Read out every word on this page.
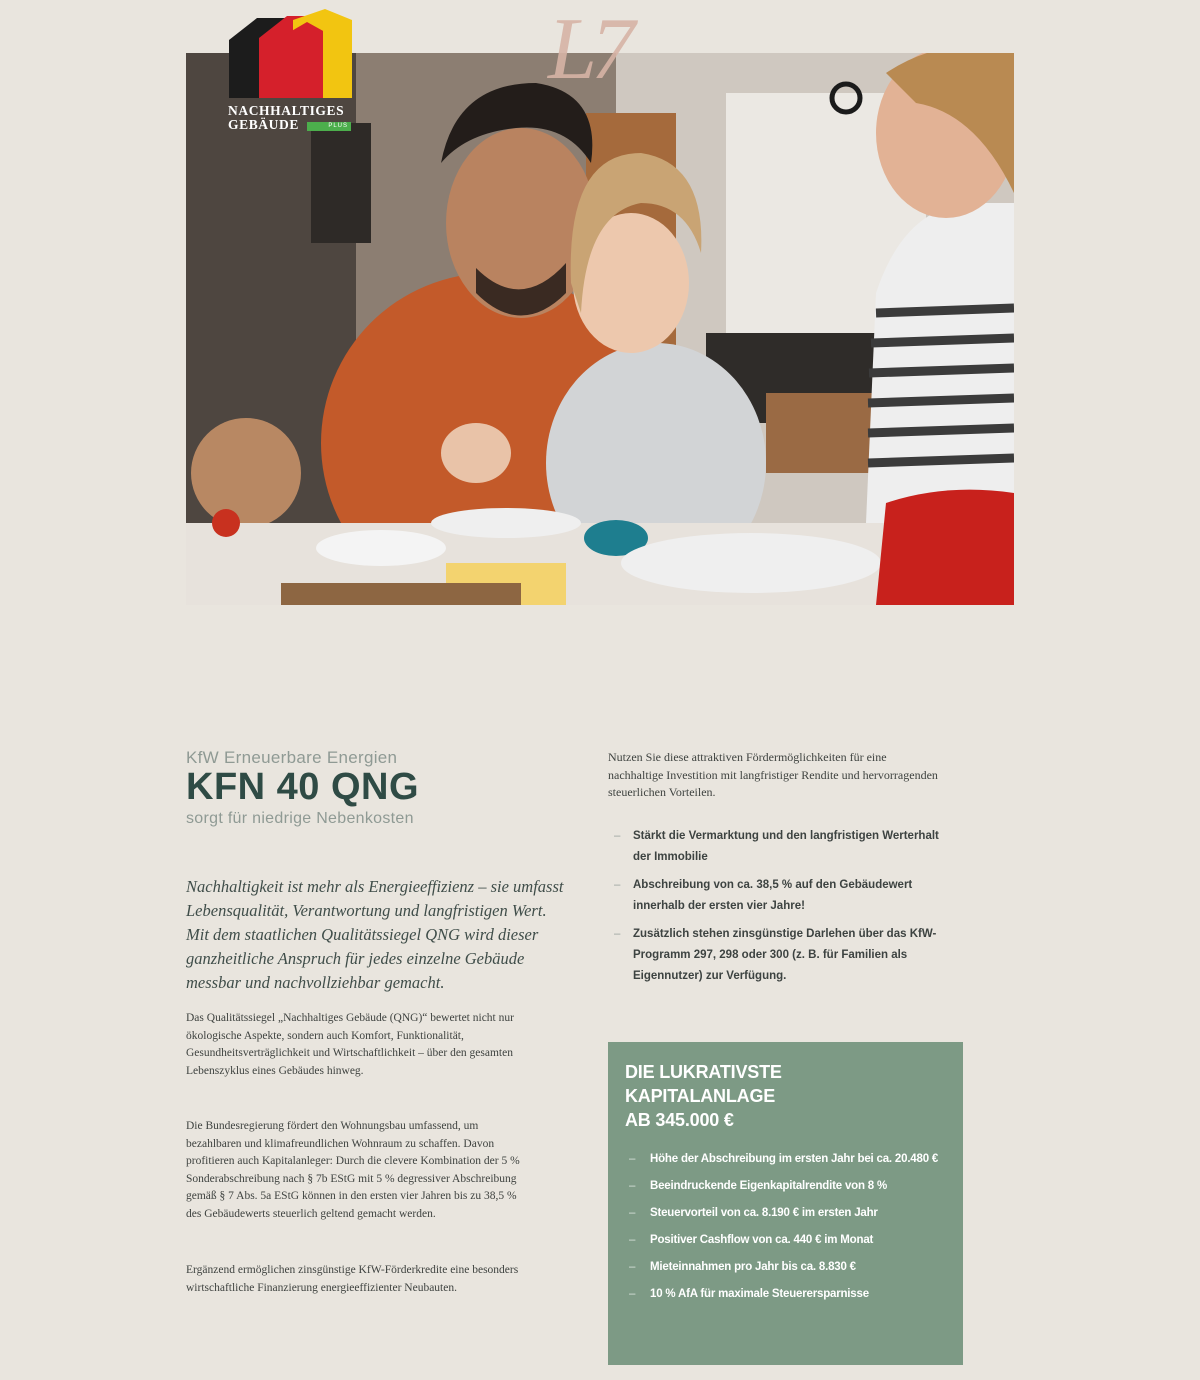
NACHHALTIGES
GEBÄUDE	PLUS
L7
KfW Erneuerbare Energien
KFN 40 QNG
sorgt für niedrige Nebenkosten

Nachhaltigkeit ist mehr als Energieeffizienz – sie umfasst Lebensqualität, Verantwortung und langfristigen Wert. Mit dem staatlichen Qualitätssiegel QNG wird dieser ganzheitliche Anspruch für jedes einzelne Gebäude messbar und nachvollziehbar gemacht.

Das Qualitätssiegel „Nachhaltiges Gebäude (QNG)“ bewertet nicht nur ökologische Aspekte, sondern auch Komfort, Funktionalität, Gesundheitsverträglichkeit und Wirtschaftlichkeit – über den gesamten Lebenszyklus eines Gebäudes hinweg.

Die Bundesregierung fördert den Wohnungsbau umfassend, um bezahlbaren und klimafreundlichen Wohnraum zu schaffen. Davon profitieren auch Kapitalanleger: Durch die clevere Kombination der 5 % Sonderabschreibung nach § 7b EStG mit 5 % degressiver Abschreibung gemäß § 7 Abs. 5a EStG können in den ersten vier Jahren bis zu 38,5 % des Gebäudewerts steuerlich geltend gemacht werden.

Ergänzend ermöglichen zinsgünstige KfW-Förderkredite eine besonders wirtschaftliche Finanzierung energieeffizienter Neubauten.

Nutzen Sie diese attraktiven Fördermöglichkeiten für eine nachhaltige Investition mit langfristiger Rendite und hervorragenden steuerlichen Vorteilen.

– Stärkt die Vermarktung und den langfristigen Werterhalt der Immobilie
– Abschreibung von ca. 38,5 % auf den Gebäudewert innerhalb der ersten vier Jahre!
– Zusätzlich stehen zinsgünstige Darlehen über das KfW-Programm 297, 298 oder 300 (z. B. für Familien als Eigennutzer) zur Verfügung.
DIE LUKRATIVSTE
KAPITALANLAGE
AB 345.000 €
– Höhe der Abschreibung im ersten Jahr bei ca. 20.480 €
– Beeindruckende Eigenkapitalrendite von 8 %
– Steuervorteil von ca. 8.190 € im ersten Jahr
– Positiver Cashflow von ca. 440 € im Monat
– Mieteinnahmen pro Jahr bis ca. 8.830 €
– 10 % AfA für maximale Steuerersparnisse
